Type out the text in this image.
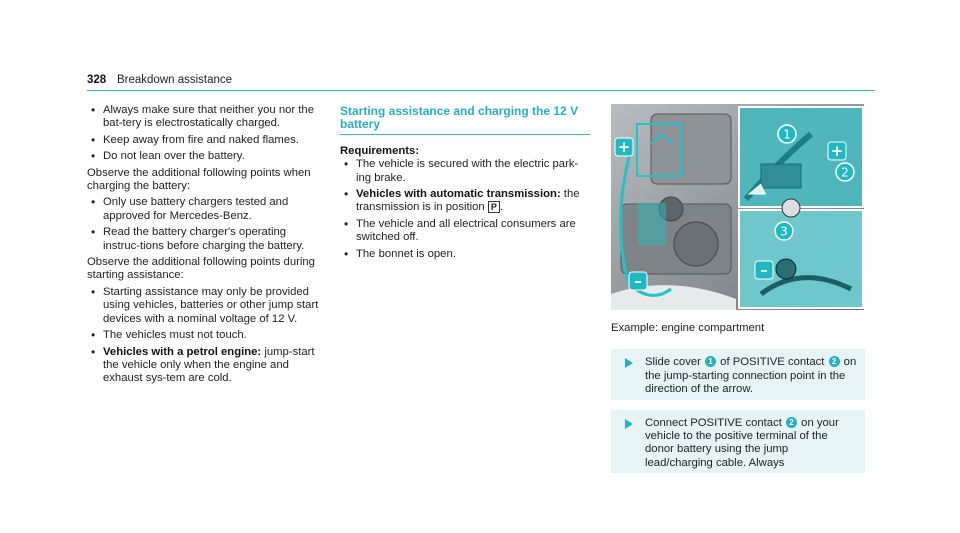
328 Breakdown assistance
• Always make sure that neither you nor the bat-tery is electrostatically charged.
• Keep away from fire and naked flames.
• Do not lean over the battery.
Observe the additional following points when charging the battery:
• Only use battery chargers tested and approved for Mercedes-Benz.
• Read the battery charger's operating instruc-tions before charging the battery.
Observe the additional following points during starting assistance:
• Starting assistance may only be provided using vehicles, batteries or other jump start devices with a nominal voltage of 12 V.
• The vehicles must not touch.
• Vehicles with a petrol engine: jump-start the vehicle only when the engine and exhaust sys-tem are cold.
Starting assistance and charging the 12 V battery
Requirements:
• The vehicle is secured with the electric park-ing brake.
• Vehicles with automatic transmission: the transmission is in position P .
• The vehicle and all electrical consumers are switched off.
• The bonnet is open.
+
–
1
+
2
3
–
Example: engine compartment
Slide cover 1 of POSITIVE contact 2 on the jump-starting connection point in the direction of the arrow.
Connect POSITIVE contact 2 on your vehicle to the positive terminal of the donor battery using the jump lead/charging cable. Always
